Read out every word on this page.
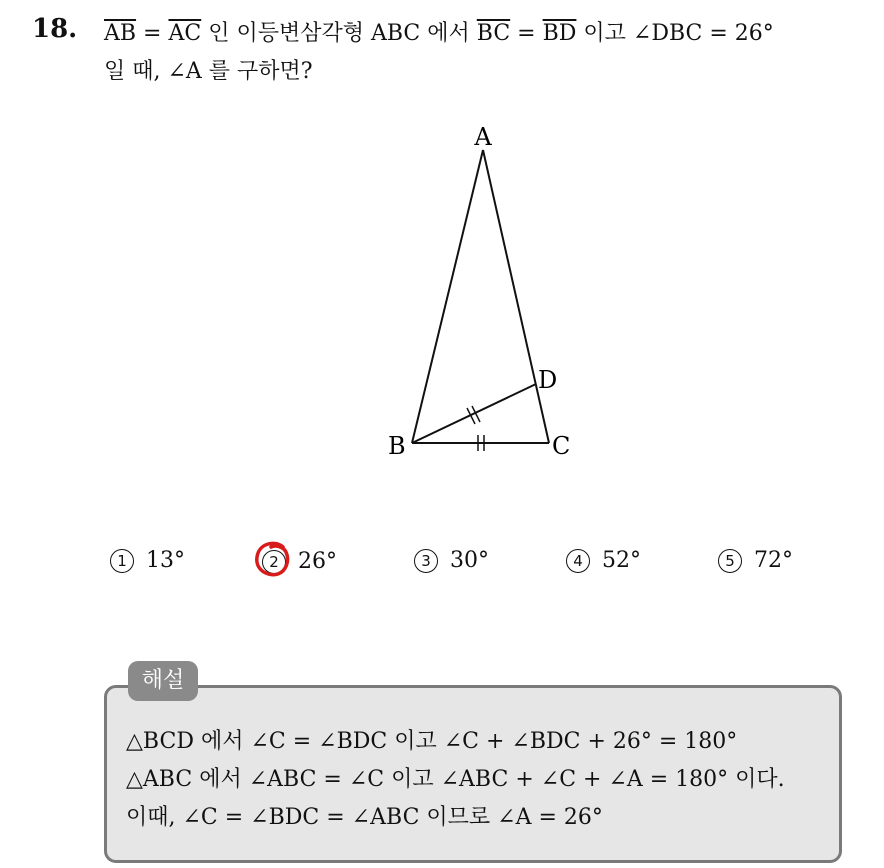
18. $\overline{AB} = \overline{AC}$ 인 이등변삼각형 ABC 에서 $\overline{BC} = \overline{BD}$ 이고 ∠DBC = 26°
일 때, ∠A 를 구하면?
A
B	C
D
1 13°	2 26°	3 30°	4 52°	5 72°
해설
△BCD 에서 ∠C = ∠BDC 이고 ∠C + ∠BDC + 26° = 180°
△ABC 에서 ∠ABC = ∠C 이고 ∠ABC + ∠C + ∠A = 180° 이다.
이때, ∠C = ∠BDC = ∠ABC 이므로 ∠A = 26°
